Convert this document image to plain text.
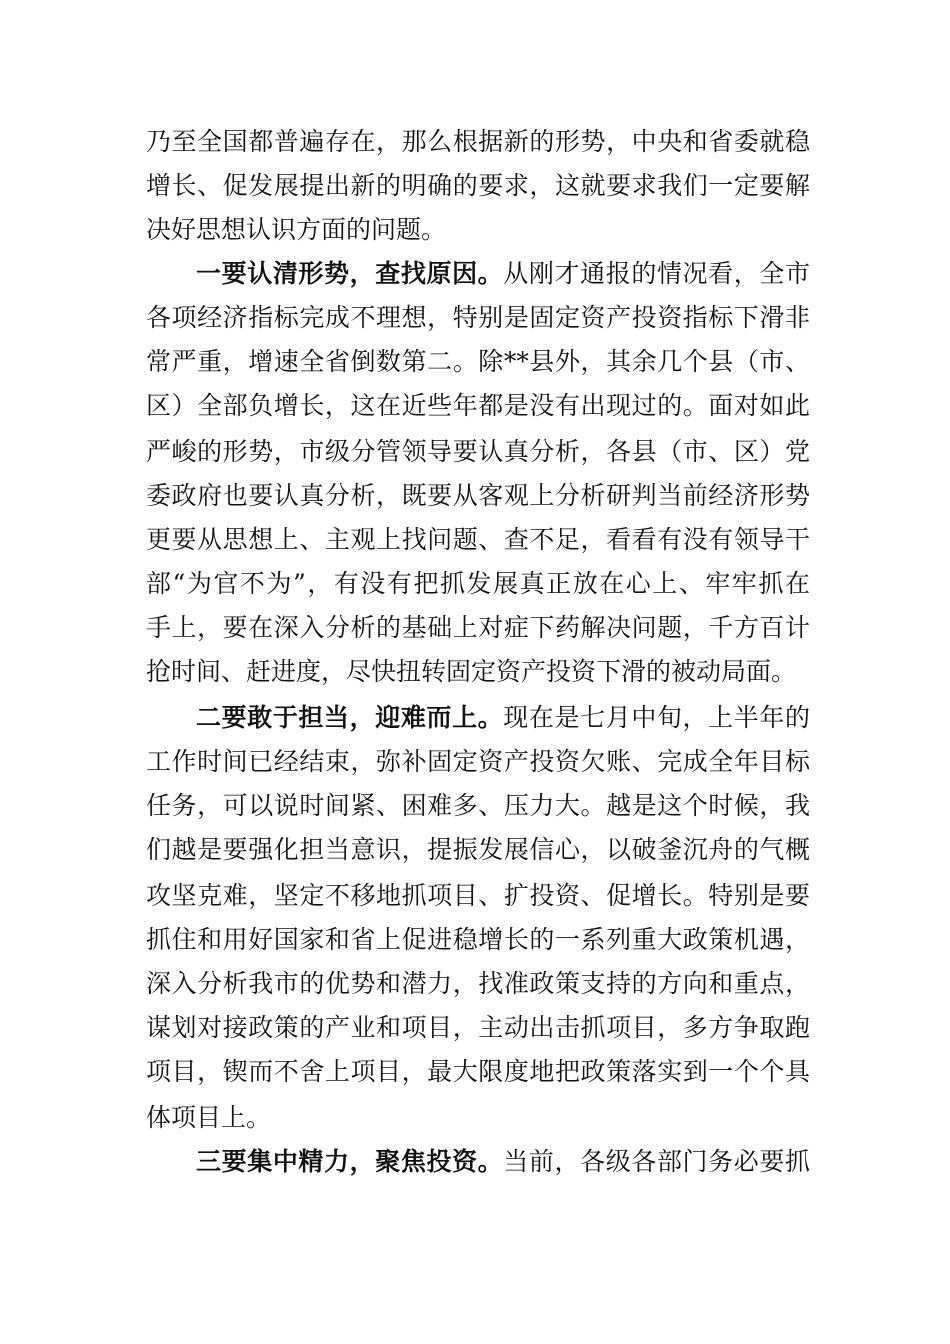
乃至全国都普遍存在，那么根据新的形势，中央和省委就稳
增长、促发展提出新的明确的要求，这就要求我们一定要解
决好思想认识方面的问题。
一要认清形势，查找原因。从刚才通报的情况看，全市
各项经济指标完成不理想，特别是固定资产投资指标下滑非
常严重，增速全省倒数第二。除**县外，其余几个县（市、
区）全部负增长，这在近些年都是没有出现过的。面对如此
严峻的形势，市级分管领导要认真分析，各县（市、区）党
委政府也要认真分析，既要从客观上分析研判当前经济形势
更要从思想上、主观上找问题、查不足，看看有没有领导干
部“为官不为”，有没有把抓发展真正放在心上、牢牢抓在
手上，要在深入分析的基础上对症下药解决问题，千方百计
抢时间、赶进度，尽快扭转固定资产投资下滑的被动局面。
二要敢于担当，迎难而上。现在是七月中旬，上半年的
工作时间已经结束，弥补固定资产投资欠账、完成全年目标
任务，可以说时间紧、困难多、压力大。越是这个时候，我
们越是要强化担当意识，提振发展信心，以破釜沉舟的气概
攻坚克难，坚定不移地抓项目、扩投资、促增长。特别是要
抓住和用好国家和省上促进稳增长的一系列重大政策机遇，
深入分析我市的优势和潜力，找准政策支持的方向和重点，
谋划对接政策的产业和项目，主动出击抓项目，多方争取跑
项目，锲而不舍上项目，最大限度地把政策落实到一个个具
体项目上。
三要集中精力，聚焦投资。当前，各级各部门务必要抓
